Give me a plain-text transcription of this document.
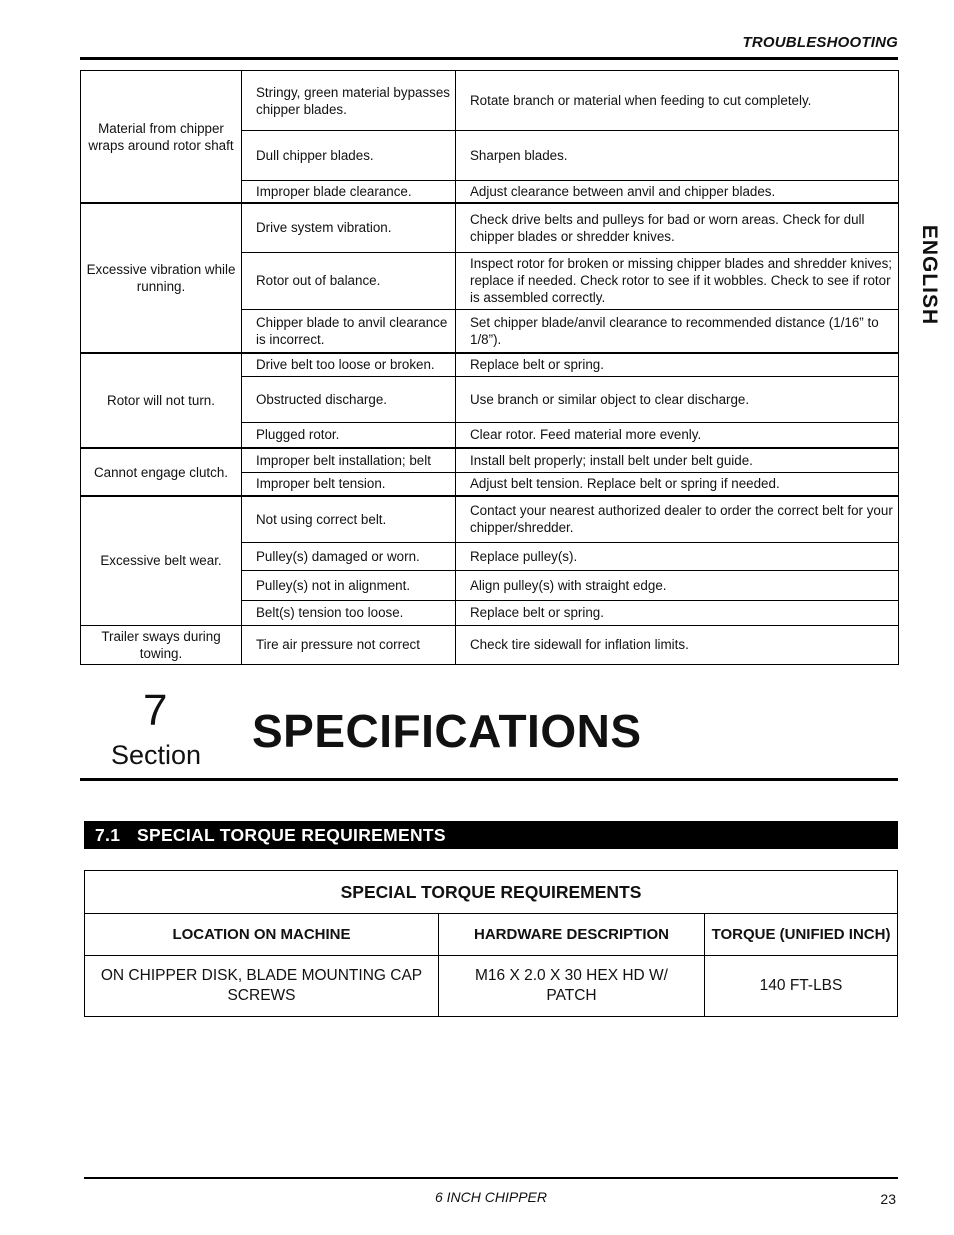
TROUBLESHOOTING
ENGLISH
Material from chipper wraps around rotor shaft	Stringy, green material bypasses chipper blades.	Rotate branch or material when feeding to cut completely.
	Dull chipper blades.	Sharpen blades.
	Improper blade clearance.	Adjust clearance between anvil and chipper blades.
Excessive vibration while running.	Drive system vibration.	Check drive belts and pulleys for bad or worn areas. Check for dull chipper blades or shredder knives.
	Rotor out of balance.	Inspect rotor for broken or missing chipper blades and shredder knives; replace if needed. Check rotor to see if it wobbles. Check to see if rotor is assembled correctly.
	Chipper blade to anvil clearance is incorrect.	Set chipper blade/anvil clearance to recommended distance (1/16” to 1/8”).
Rotor will not turn.	Drive belt too loose or broken.	Replace belt or spring.
	Obstructed discharge.	Use branch or similar object to clear discharge.
	Plugged rotor.	Clear rotor. Feed material more evenly.
Cannot engage clutch.	Improper belt installation; belt	Install belt properly; install belt under belt guide.
	Improper belt tension.	Adjust belt tension. Replace belt or spring if needed.
Excessive belt wear.	Not using correct belt.	Contact your nearest authorized dealer to order the correct belt for your chipper/shredder.
	Pulley(s) damaged or worn.	Replace pulley(s).
	Pulley(s) not in alignment.	Align pulley(s) with straight edge.
	Belt(s) tension too loose.	Replace belt or spring.
Trailer sways during towing.	Tire air pressure not correct	Check tire sidewall for inflation limits.
7
Section SPECIFICATIONS
7.1 SPECIAL TORQUE REQUIREMENTS
SPECIAL TORQUE REQUIREMENTS		
LOCATION ON MACHINE	HARDWARE DESCRIPTION	TORQUE (UNIFIED INCH)
ON CHIPPER DISK, BLADE MOUNTING CAP SCREWS	M16 X 2.0 X 30 HEX HD W/ PATCH	140 FT-LBS
6 INCH CHIPPER	23
